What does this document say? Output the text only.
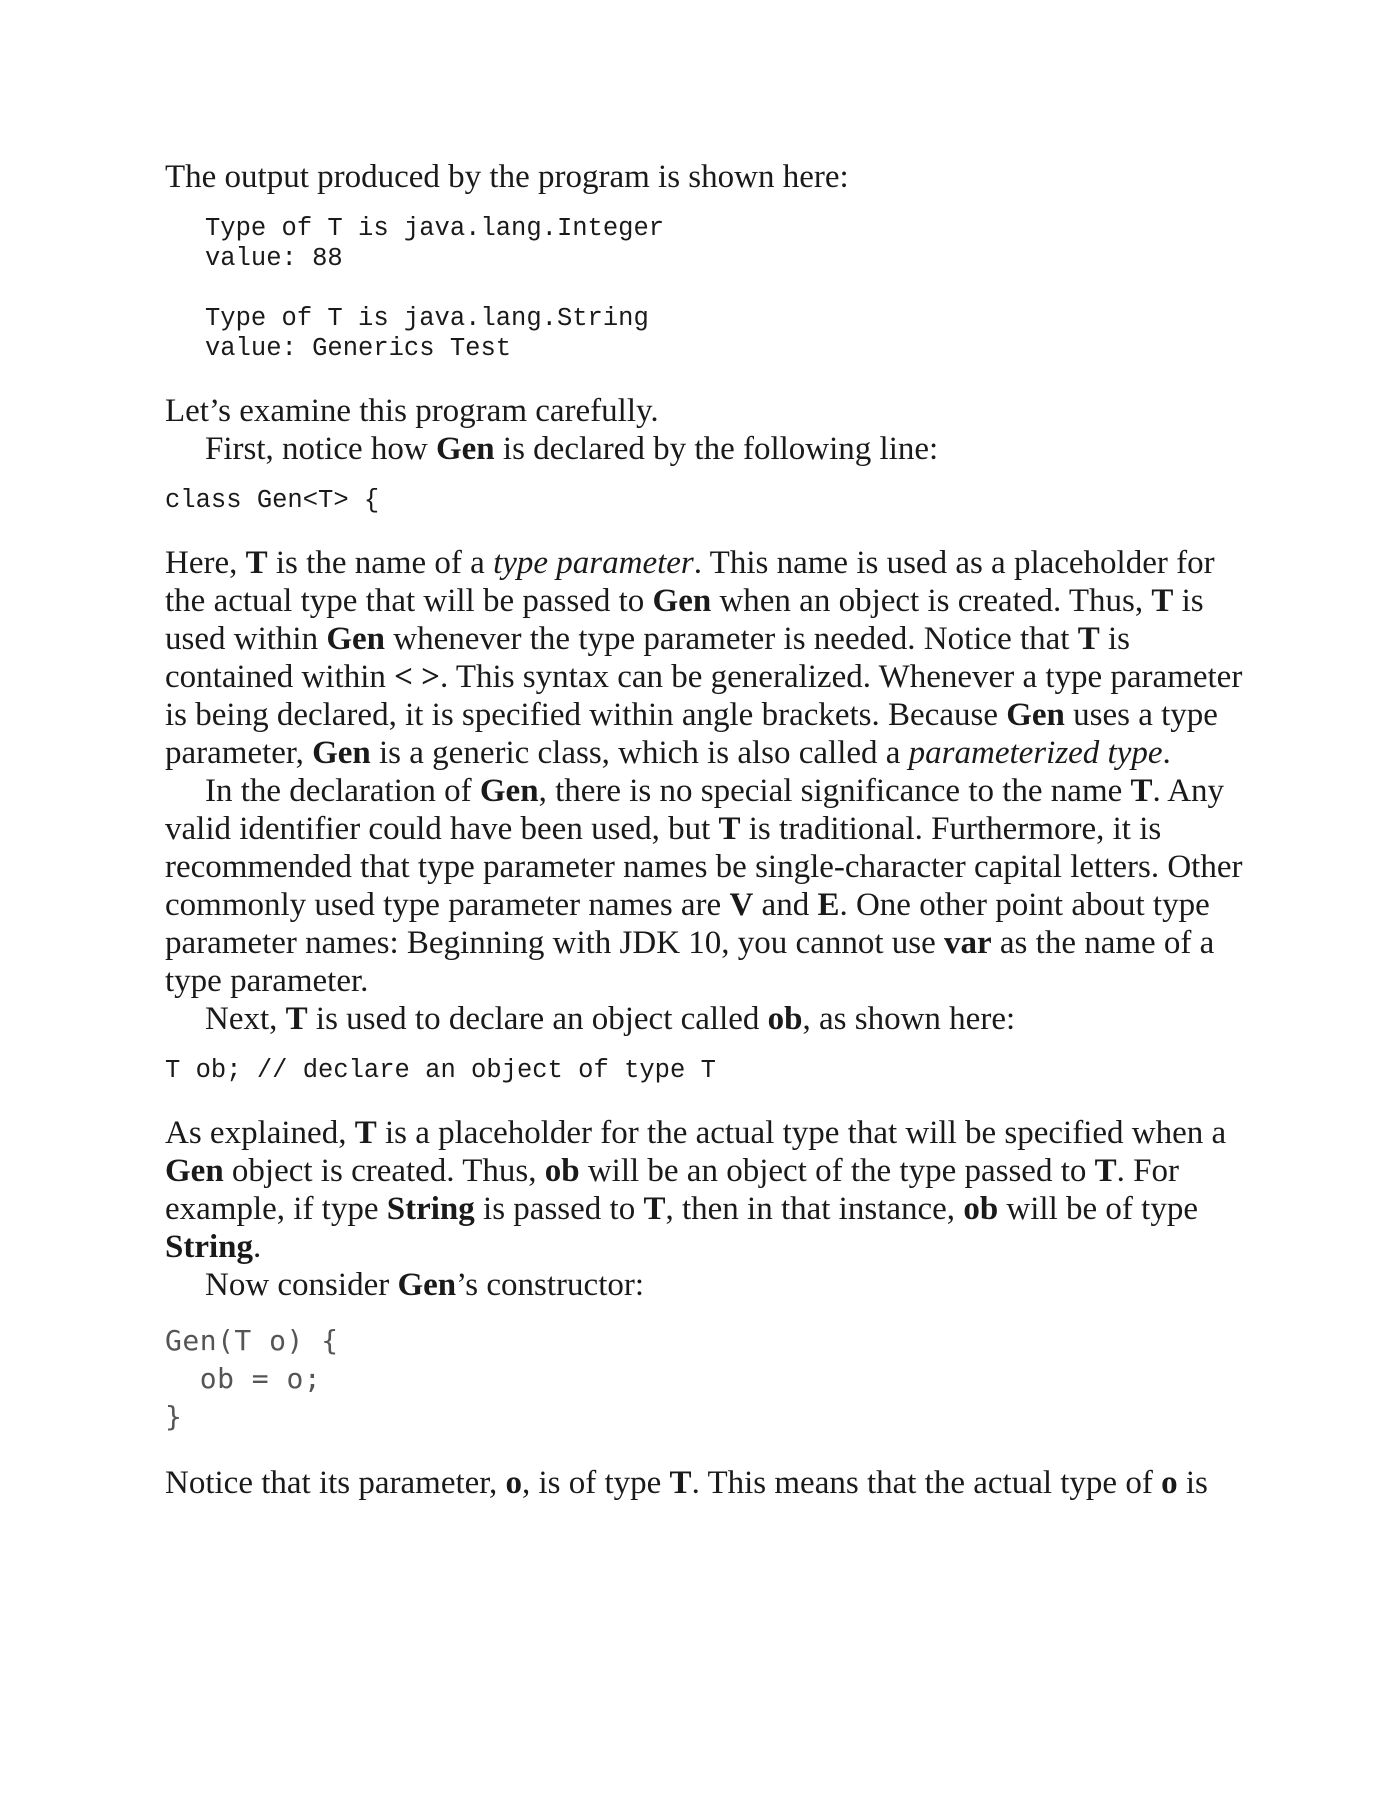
The output produced by the program is shown here:

Type of T is java.lang.Integer

value: 88

Type of T is java.lang.String

value: Generics Test

Let’s examine this program carefully.

First, notice how Gen is declared by the following line:

class Gen<T> {

Here, T is the name of a type parameter. This name is used as a placeholder for the actual type that will be passed to Gen when an object is created. Thus, T is used within Gen whenever the type parameter is needed. Notice that T is contained within < >. This syntax can be generalized. Whenever a type parameter is being declared, it is specified within angle brackets. Because Gen uses a type parameter, Gen is a generic class, which is also called a parameterized type.

In the declaration of Gen, there is no special significance to the name T. Any valid identifier could have been used, but T is traditional. Furthermore, it is recommended that type parameter names be single-character capital letters. Other commonly used type parameter names are V and E. One other point about type parameter names: Beginning with JDK 10, you cannot use var as the name of a type parameter.

Next, T is used to declare an object called ob, as shown here:

T ob; // declare an object of type T

As explained, T is a placeholder for the actual type that will be specified when a Gen object is created. Thus, ob will be an object of the type passed to T. For example, if type String is passed to T, then in that instance, ob will be of type String.

Now consider Gen’s constructor:

Gen(T o) {

ob = o;

}

Notice that its parameter, o, is of type T. This means that the actual type of o is
